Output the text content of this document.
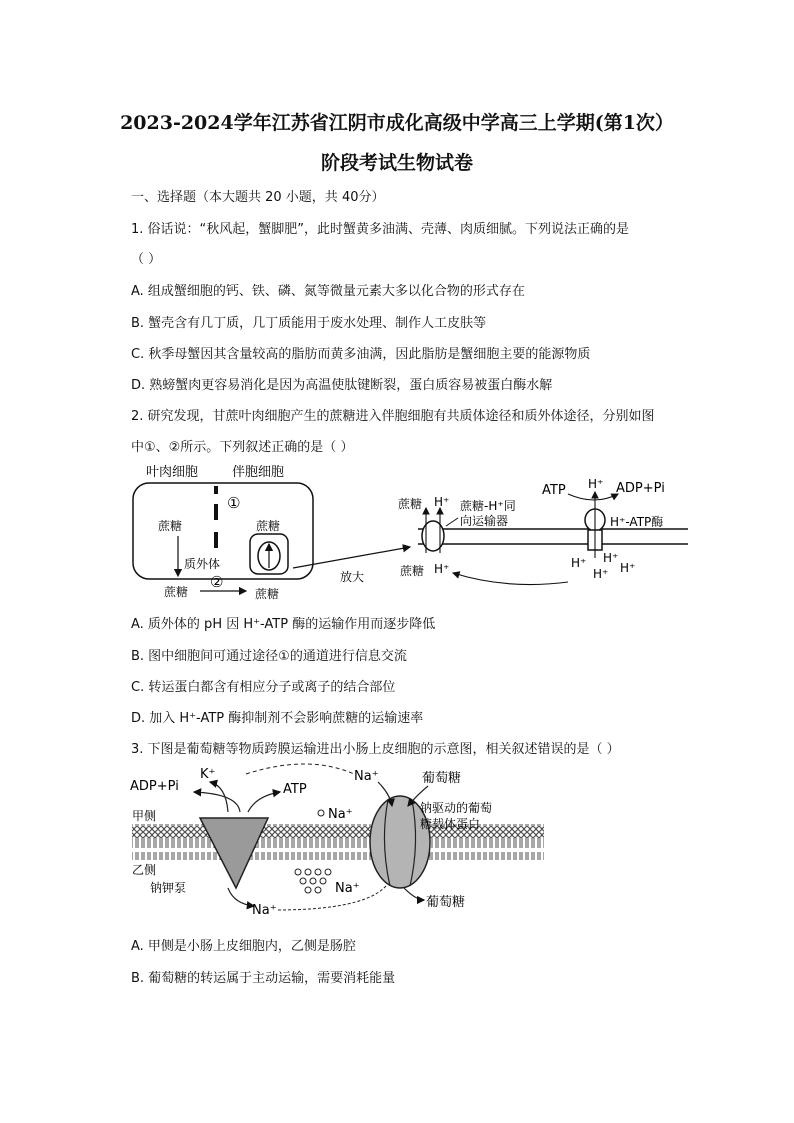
2023-2024学年江苏省江阴市成化高级中学高三上学期(第1次）
阶段考试生物试卷
一、选择题（本大题共 20 小题，共 40分）
1. 俗话说：“秋风起，蟹脚肥”，此时蟹黄多油满、壳薄、肉质细腻。下列说法正确的是
（ ）
A. 组成蟹细胞的钙、铁、磷、氮等微量元素大多以化合物的形式存在
B. 蟹壳含有几丁质，几丁质能用于废水处理、制作人工皮肤等
C. 秋季母蟹因其含量较高的脂肪而黄多油满，因此脂肪是蟹细胞主要的能源物质
D. 熟螃蟹肉更容易消化是因为高温使肽键断裂，蛋白质容易被蛋白酶水解
2. 研究发现，甘蔗叶肉细胞产生的蔗糖进入伴胞细胞有共质体途径和质外体途径，分别如图
中①、②所示。下列叙述正确的是（ ）
叶肉细胞	伴胞细胞
①
蔗糖	蔗糖
质外体
蔗糖
②
蔗糖
放大
蔗糖 H⁺ 蔗糖-H⁺同
向运输器
蔗糖 H⁺
ATP H⁺ ADP+Pi
H⁺-ATP酶
H⁺ H⁺
H⁺ H⁺
A. 质外体的 pH 因 H⁺-ATP 酶的运输作用而逐步降低
B. 图中细胞间可通过途径①的通道进行信息交流
C. 转运蛋白都含有相应分子或离子的结合部位
D. 加入 H⁺-ATP 酶抑制剂不会影响蔗糖的运输速率
3. 下图是葡萄糖等物质跨膜运输进出小肠上皮细胞的示意图，相关叙述错误的是（ ）
ADP+Pi
K⁺
ATP
Na⁺
Na⁺
甲侧
乙侧
钠钾泵
Na⁺
Na⁺
葡萄糖
钠驱动的葡萄
糖载体蛋白
葡萄糖
A. 甲侧是小肠上皮细胞内，乙侧是肠腔
B. 葡萄糖的转运属于主动运输，需要消耗能量
